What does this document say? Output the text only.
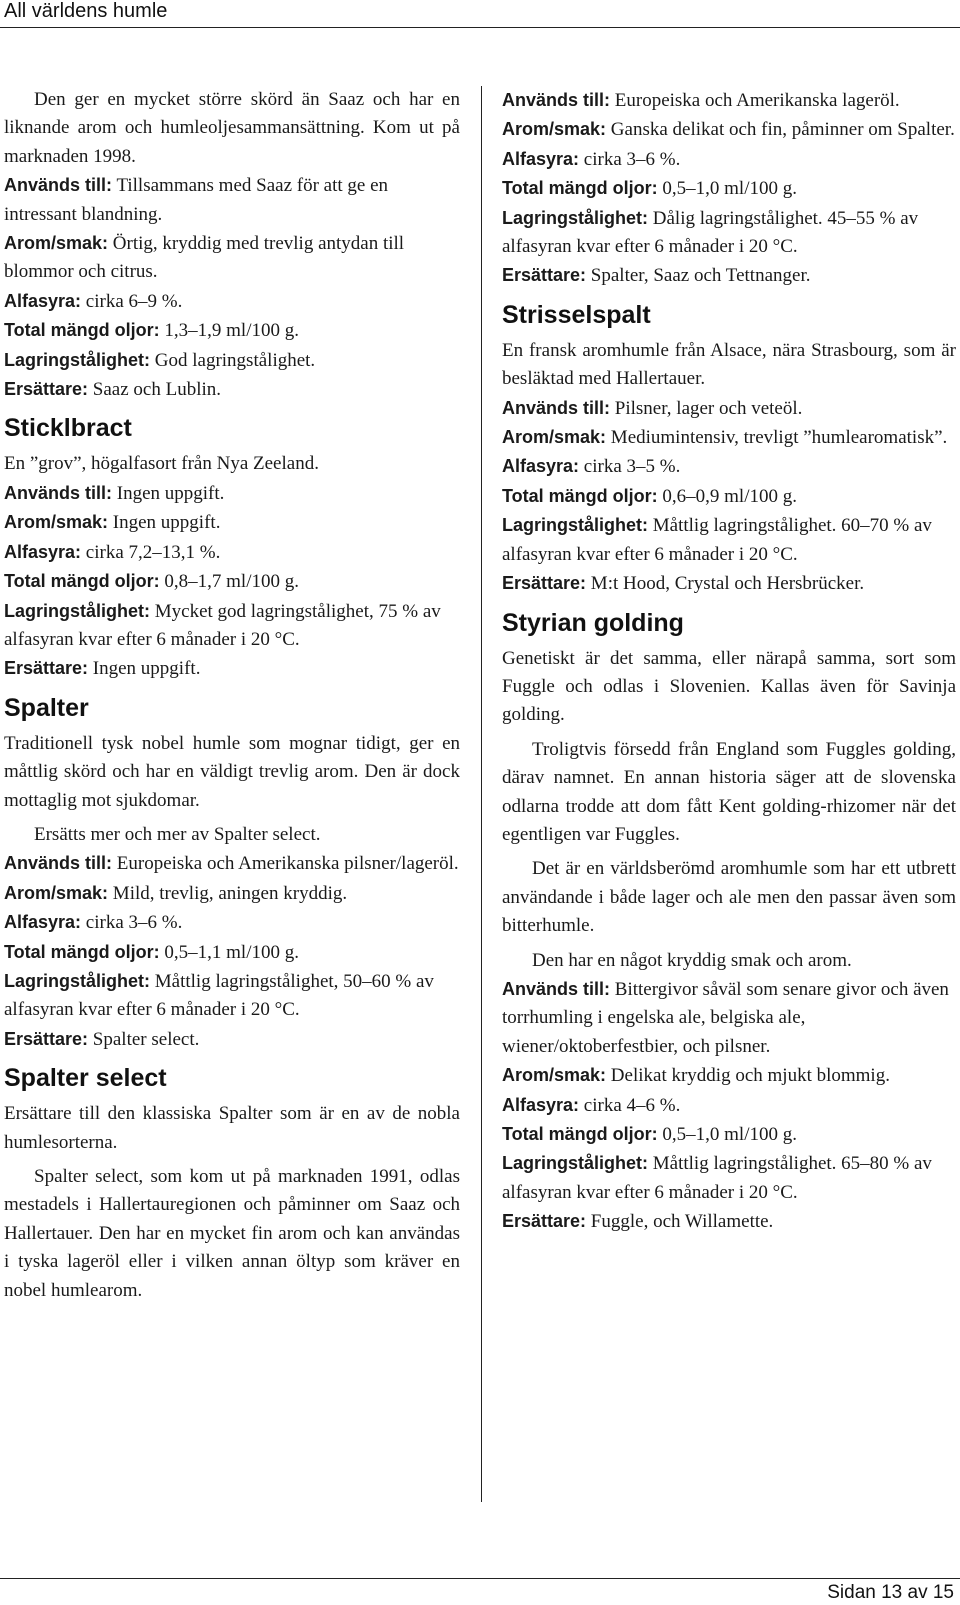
All världens humle

Den ger en mycket större skörd än Saaz och har en liknande arom och humleoljesammansättning. Kom ut på marknaden 1998.

Används till: Tillsammans med Saaz för att ge en intressant blandning.

Arom/smak: Örtig, kryddig med trevlig antydan till blommor och citrus.

Alfasyra: cirka 6–9 %.

Total mängd oljor: 1,3–1,9 ml/100 g.

Lagringstålighet: God lagringstålighet.

Ersättare: Saaz och Lublin.

Sticklbract

En ”grov”, högalfasort från Nya Zeeland.

Används till: Ingen uppgift.

Arom/smak: Ingen uppgift.

Alfasyra: cirka 7,2–13,1 %.

Total mängd oljor: 0,8–1,7 ml/100 g.

Lagringstålighet: Mycket god lagringstålighet, 75 % av alfasyran kvar efter 6 månader i 20 °C.

Ersättare: Ingen uppgift.

Spalter

Traditionell tysk nobel humle som mognar tidigt, ger en måttlig skörd och har en väldigt trevlig arom. Den är dock mottaglig mot sjukdomar.

Ersätts mer och mer av Spalter select.

Används till: Europeiska och Amerikanska pilsner/lageröl.

Arom/smak: Mild, trevlig, aningen kryddig.

Alfasyra: cirka 3–6 %.

Total mängd oljor: 0,5–1,1 ml/100 g.

Lagringstålighet: Måttlig lagringstålighet, 50–60 % av alfasyran kvar efter 6 månader i 20 °C.

Ersättare: Spalter select.

Spalter select

Ersättare till den klassiska Spalter som är en av de nobla humlesorterna.

Spalter select, som kom ut på marknaden 1991, odlas mestadels i Hallertauregionen och påminner om Saaz och Hallertauer. Den har en mycket fin arom och kan användas i tyska lageröl eller i vilken annan öltyp som kräver en nobel humlearom.

Används till: Europeiska och Amerikanska lageröl.

Arom/smak: Ganska delikat och fin, påminner om Spalter.

Alfasyra: cirka 3–6 %.

Total mängd oljor: 0,5–1,0 ml/100 g.

Lagringstålighet: Dålig lagringstålighet. 45–55 % av alfasyran kvar efter 6 månader i 20 °C.

Ersättare: Spalter, Saaz och Tettnanger.

Strisselspalt

En fransk aromhumle från Alsace, nära Strasbourg, som är besläktad med Hallertauer.

Används till: Pilsner, lager och veteöl.

Arom/smak: Mediumintensiv, trevligt ”humlearomatisk”.

Alfasyra: cirka 3–5 %.

Total mängd oljor: 0,6–0,9 ml/100 g.

Lagringstålighet: Måttlig lagringstålighet. 60–70 % av alfasyran kvar efter 6 månader i 20 °C.

Ersättare: M:t Hood, Crystal och Hersbrücker.

Styrian golding

Genetiskt är det samma, eller närapå samma, sort som Fuggle och odlas i Slovenien. Kallas även för Savinja golding.

Troligtvis försedd från England som Fuggles golding, därav namnet. En annan historia säger att de slovenska odlarna trodde att dom fått Kent golding-rhizomer när det egentligen var Fuggles.

Det är en världsberömd aromhumle som har ett utbrett användande i både lager och ale men den passar även som bitterhumle.

Den har en något kryddig smak och arom.

Används till: Bittergivor såväl som senare givor och även torrhumling i engelska ale, belgiska ale, wiener/oktoberfestbier, och pilsner.

Arom/smak: Delikat kryddig och mjukt blommig.

Alfasyra: cirka 4–6 %.

Total mängd oljor: 0,5–1,0 ml/100 g.

Lagringstålighet: Måttlig lagringstålighet. 65–80 % av alfasyran kvar efter 6 månader i 20 °C.

Ersättare: Fuggle, och Willamette.

Sidan 13 av 15
